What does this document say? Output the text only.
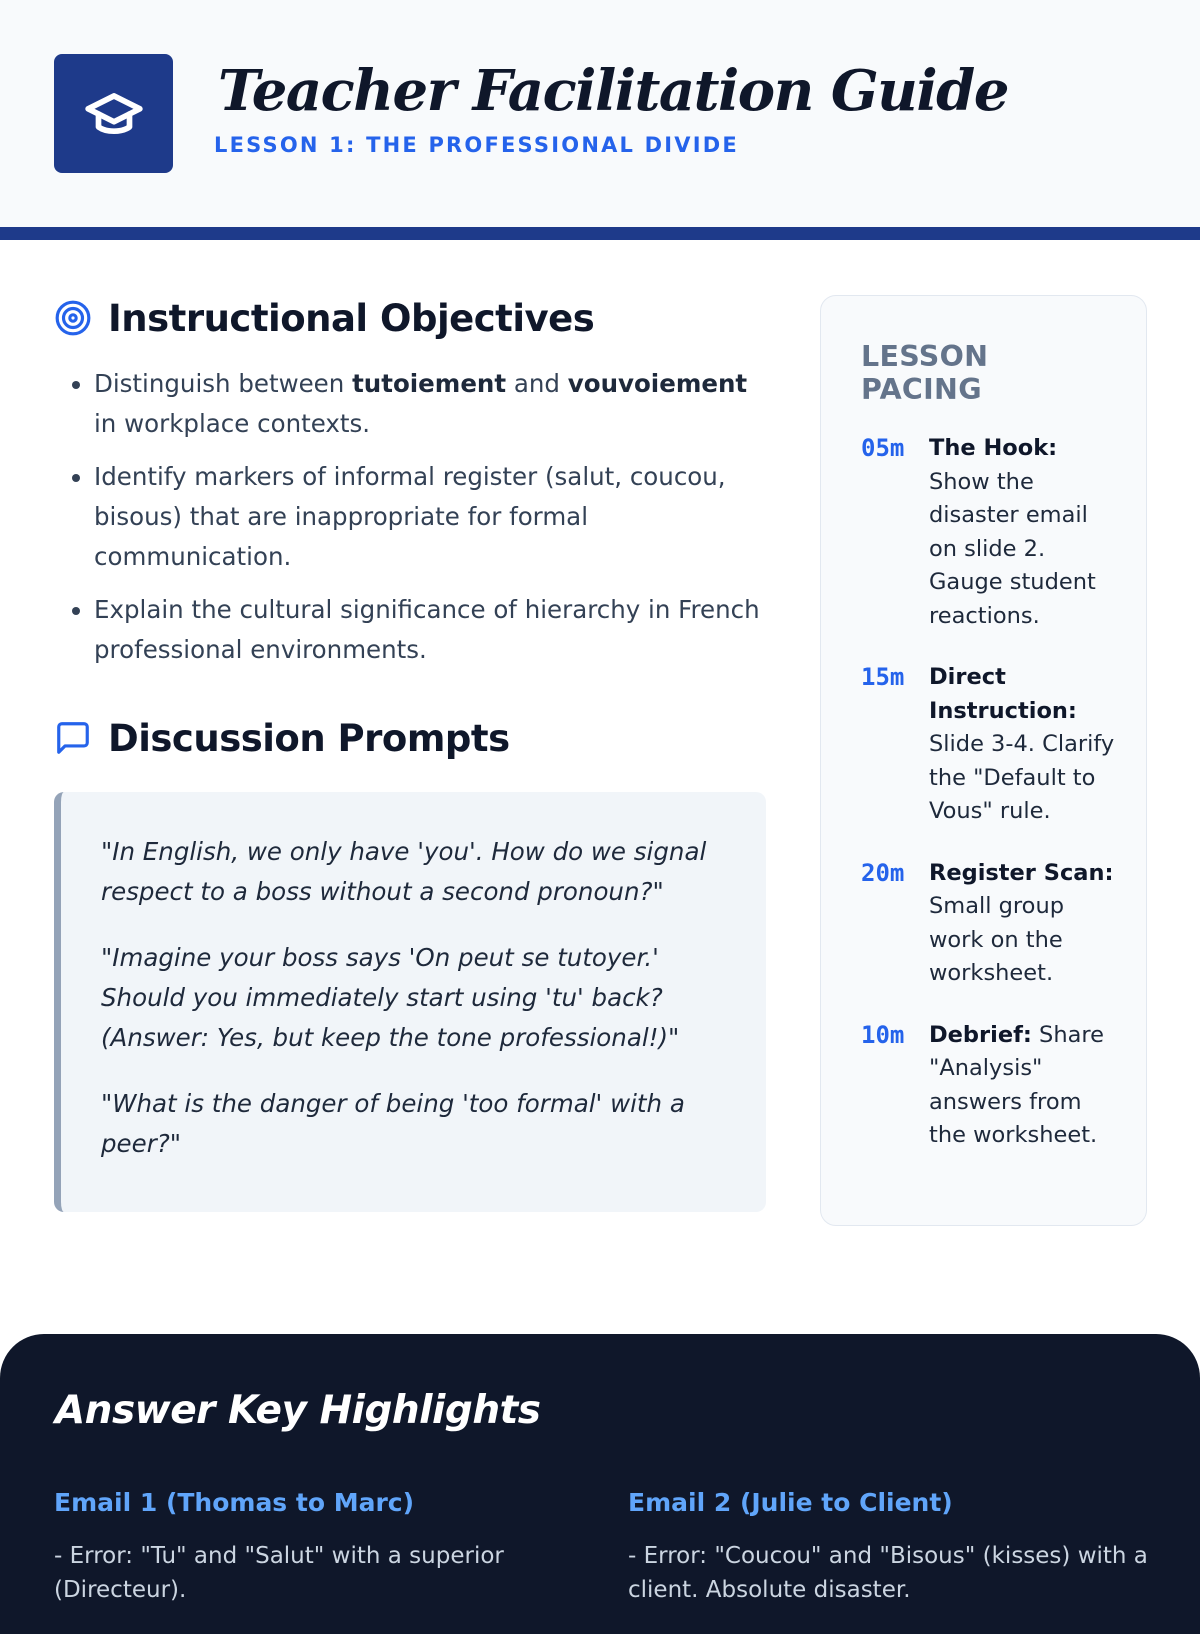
Teacher Facilitation Guide
LESSON 1: THE PROFESSIONAL DIVIDE
Instructional Objectives
• Distinguish between tutoiement and vouvoiement in workplace contexts.
• Identify markers of informal register (salut, coucou, bisous) that are inappropriate for formal communication.
• Explain the cultural significance of hierarchy in French professional environments.
Discussion Prompts

"In English, we only have 'you'. How do we signal respect to a boss without a second pronoun?"

"Imagine your boss says 'On peut se tutoyer.' Should you immediately start using 'tu' back? (Answer: Yes, but keep the tone professional!)"

"What is the danger of being 'too formal' with a peer?"

LESSON PACING
05m	The Hook: Show the disaster email on slide 2. Gauge student reactions.
15m	Direct Instruction: Slide 3-4. Clarify the "Default to Vous" rule.
20m	Register Scan: Small group work on the worksheet.
10m	Debrief: Share "Analysis" answers from the worksheet.
Answer Key Highlights
Email 1 (Thomas to Marc)

- Error: "Tu" and "Salut" with a superior (Directeur).

Email 2 (Julie to Client)

- Error: "Coucou" and "Bisous" (kisses) with a client. Absolute disaster.
